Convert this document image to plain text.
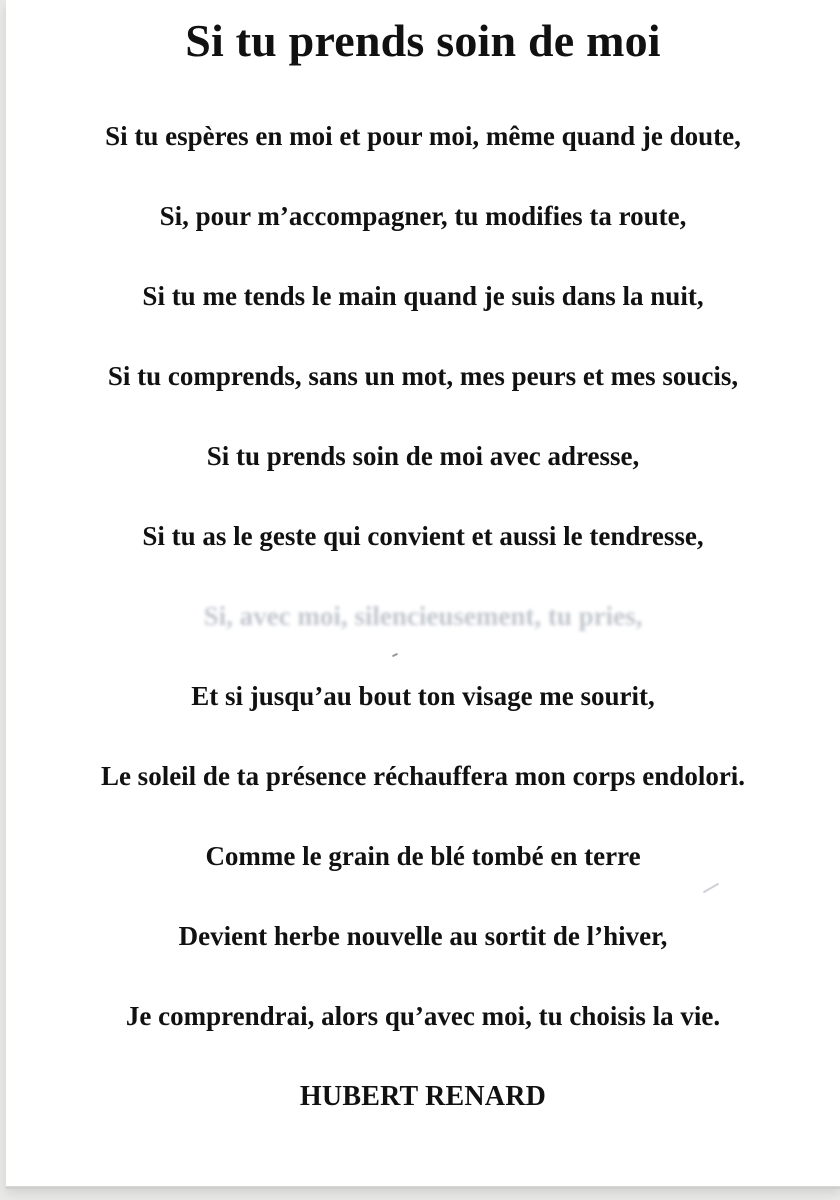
Si tu prends soin de moi
Si tu espères en moi et pour moi, même quand je doute,
Si, pour m’accompagner, tu modifies ta route,
Si tu me tends le main quand je suis dans la nuit,
Si tu comprends, sans un mot, mes peurs et mes soucis,
Si tu prends soin de moi avec adresse,
Si tu as le geste qui convient et aussi le tendresse,
Si, avec moi, silencieusement, tu pries,
Et si jusqu’au bout ton visage me sourit,
Le soleil de ta présence réchauffera mon corps endolori.
Comme le grain de blé tombé en terre
Devient herbe nouvelle au sortit de l’hiver,
Je comprendrai, alors qu’avec moi, tu choisis la vie.
HUBERT RENARD
